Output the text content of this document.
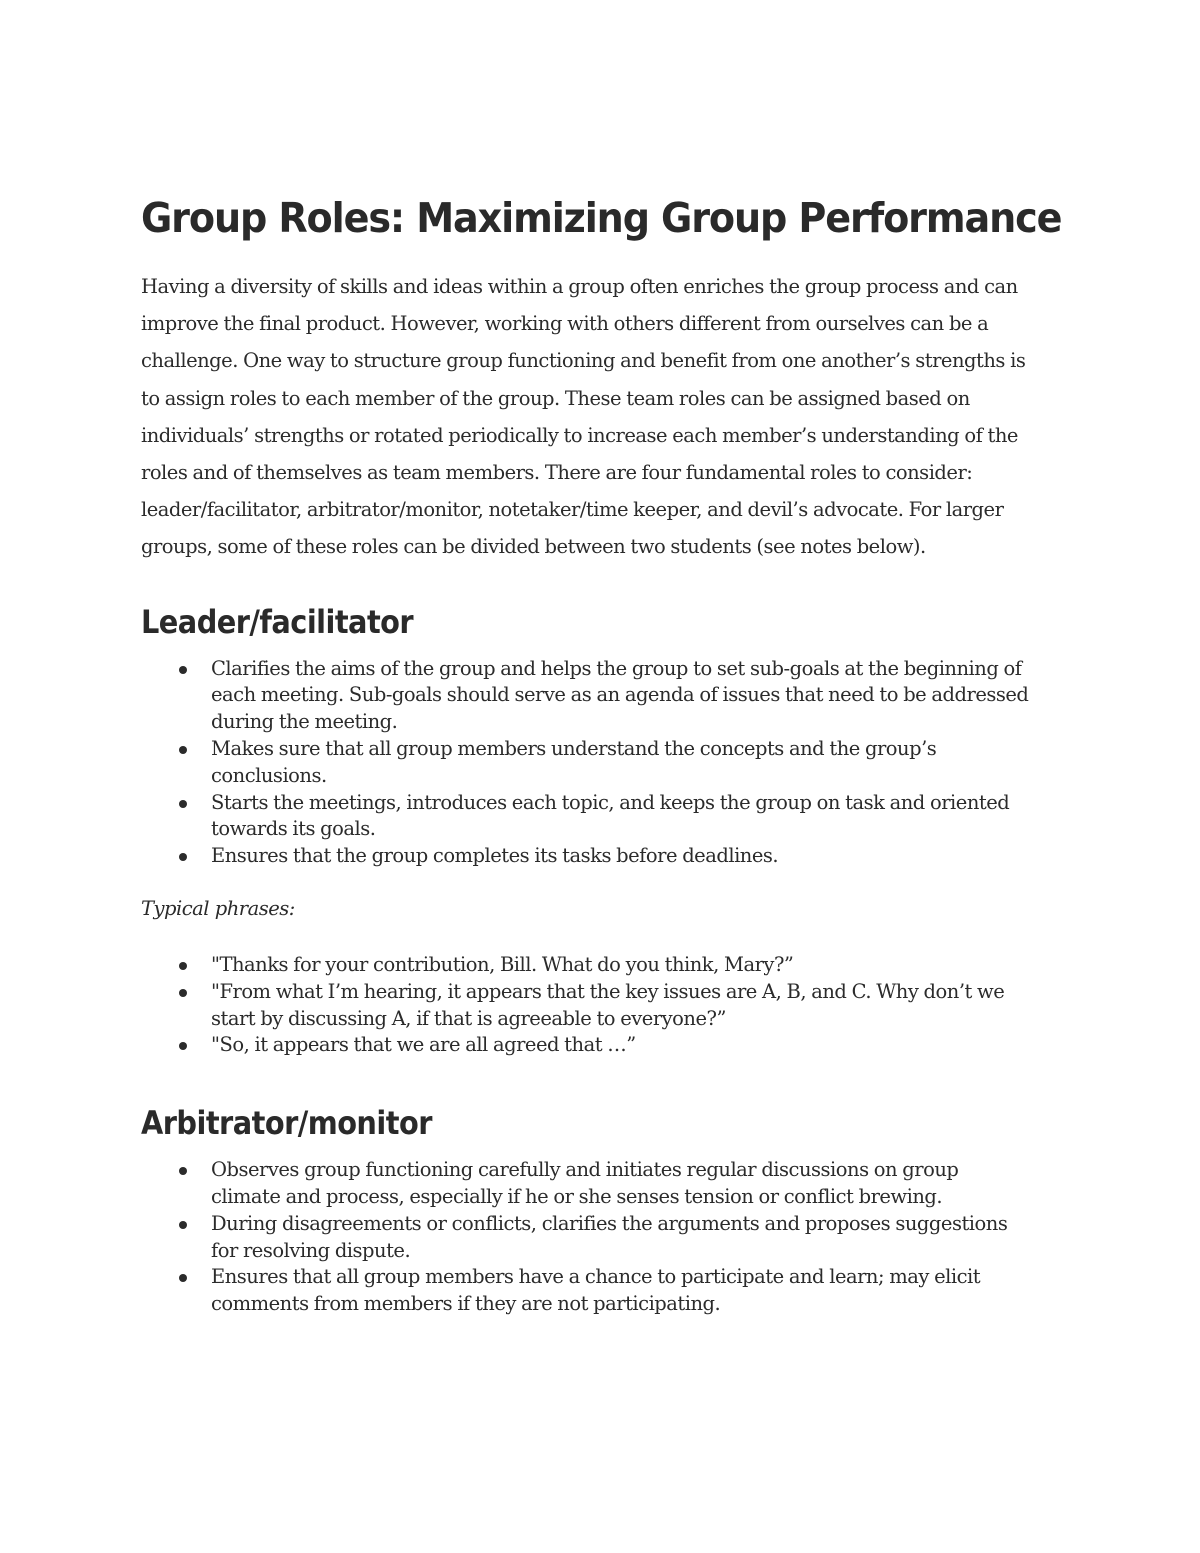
Group Roles: Maximizing Group Performance

Having a diversity of skills and ideas within a group often enriches the group process and can improve the final product. However, working with others different from ourselves can be a challenge. One way to structure group functioning and benefit from one another’s strengths is to assign roles to each member of the group. These team roles can be assigned based on individuals’ strengths or rotated periodically to increase each member’s understanding of the roles and of themselves as team members. There are four fundamental roles to consider: leader/facilitator, arbitrator/monitor, notetaker/time keeper, and devil’s advocate. For larger groups, some of these roles can be divided between two students (see notes below).

Leader/facilitator
Clarifies the aims of the group and helps the group to set sub-goals at the beginning of each meeting. Sub-goals should serve as an agenda of issues that need to be addressed during the meeting.
Makes sure that all group members understand the concepts and the group’s conclusions.
Starts the meetings, introduces each topic, and keeps the group on task and oriented towards its goals.
Ensures that the group completes its tasks before deadlines.

Typical phrases:

"Thanks for your contribution, Bill. What do you think, Mary?”
"From what I’m hearing, it appears that the key issues are A, B, and C. Why don’t we start by discussing A, if that is agreeable to everyone?”
"So, it appears that we are all agreed that …”
Arbitrator/monitor
Observes group functioning carefully and initiates regular discussions on group climate and process, especially if he or she senses tension or conflict brewing.
During disagreements or conflicts, clarifies the arguments and proposes suggestions for resolving dispute.
Ensures that all group members have a chance to participate and learn; may elicit comments from members if they are not participating.
